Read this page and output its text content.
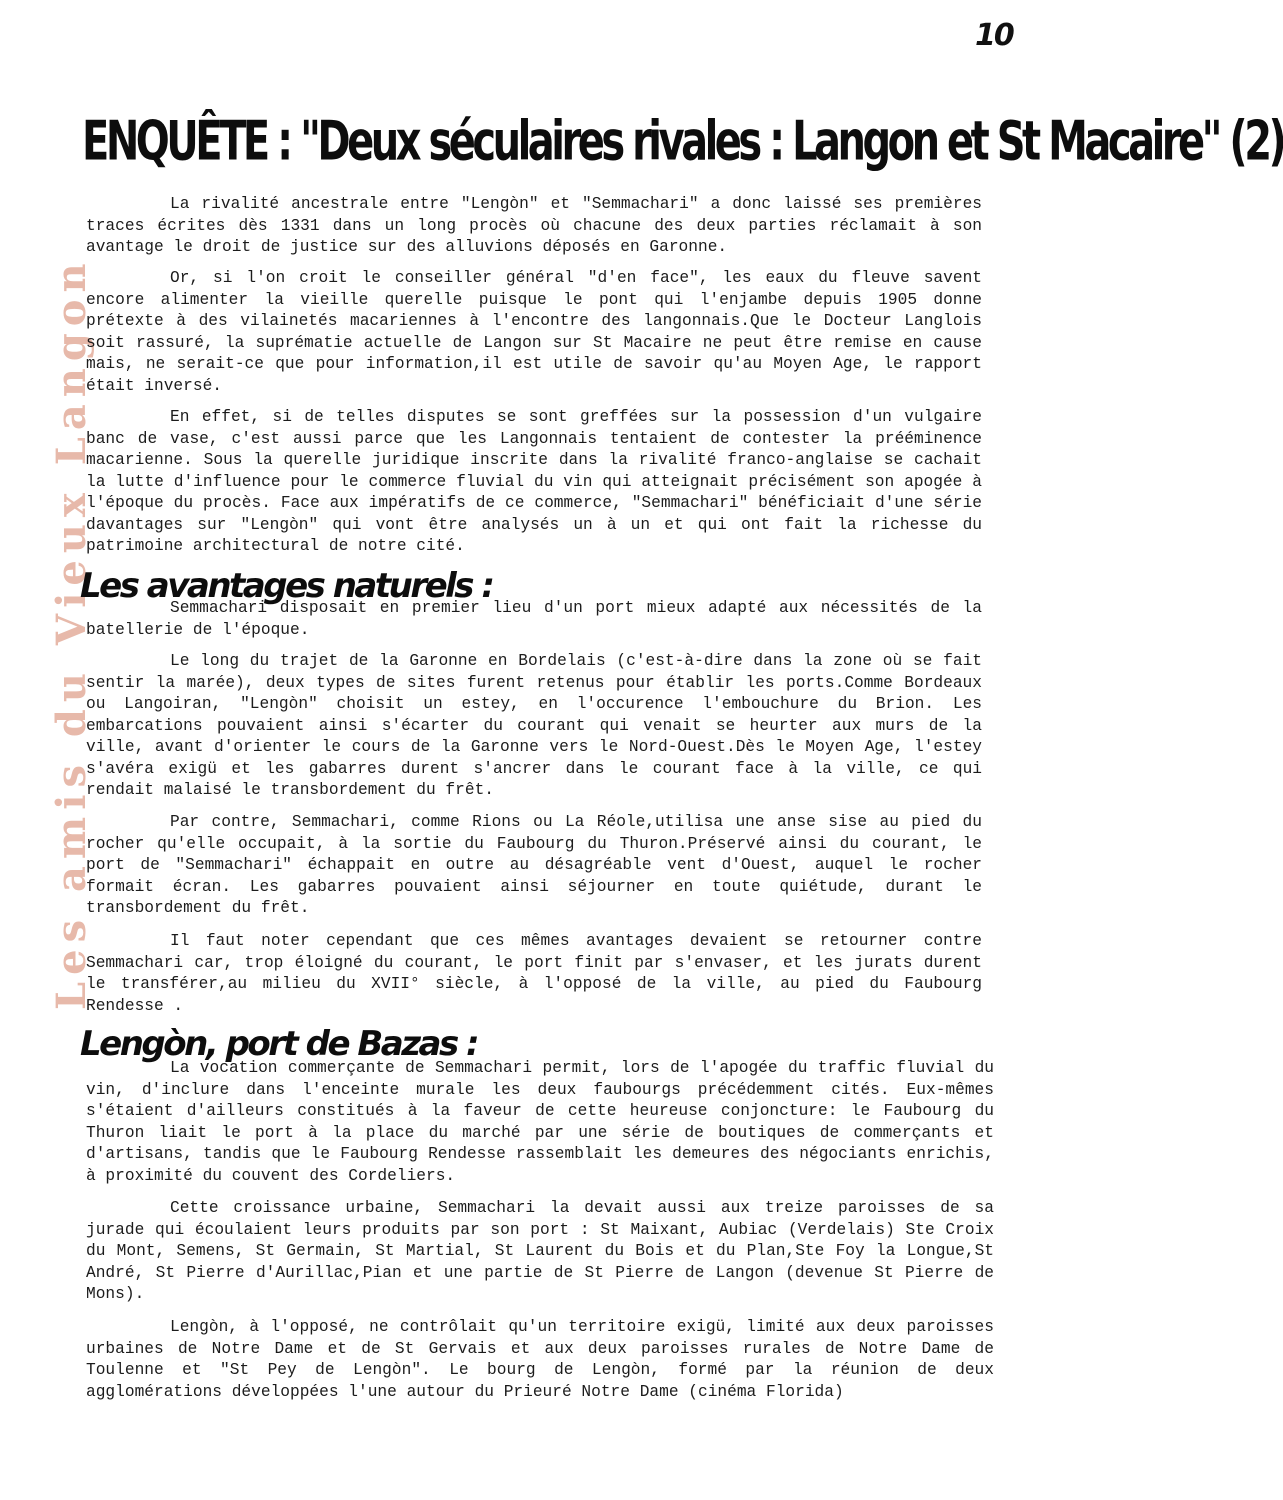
10
Les amis du Vieux Langon
ENQUÊTE : "Deux séculaires rivales : Langon et St Macaire" (2)

La rivalité ancestrale entre "Lengòn" et "Semmachari" a donc laissé ses premières traces écrites dès 1331 dans un long procès où chacune des deux parties réclamait à son avantage le droit de justice sur des alluvions déposés en Garonne.

Or, si l'on croit le conseiller général "d'en face", les eaux du fleuve savent encore alimenter la vieille querelle puisque le pont qui l'enjambe depuis 1905 donne prétexte à des vilainetés macariennes à l'encontre des langonnais.Que le Docteur Langlois soit rassuré, la suprématie actuelle de Langon sur St Macaire ne peut être remise en cause mais, ne serait-ce que pour information,il est utile de savoir qu'au Moyen Age, le rapport était inversé.

En effet, si de telles disputes se sont greffées sur la possession d'un vulgaire banc de vase, c'est aussi parce que les Langonnais tentaient de contester la prééminence macarienne. Sous la querelle juridique inscrite dans la rivalité franco-anglaise se cachait la lutte d'influence pour le commerce fluvial du vin qui atteignait précisément son apogée à l'époque du procès. Face aux impératifs de ce commerce, "Semmachari" bénéficiait d'une série davantages sur "Lengòn" qui vont être analysés un à un et qui ont fait la richesse du patrimoine architectural de notre cité.

Les avantages naturels :

Semmachari disposait en premier lieu d'un port mieux adapté aux nécessités de la batellerie de l'époque.

Le long du trajet de la Garonne en Bordelais (c'est-à-dire dans la zone où se fait sentir la marée), deux types de sites furent retenus pour établir les ports.Comme Bordeaux ou Langoiran, "Lengòn" choisit un estey, en l'occurence l'embouchure du Brion. Les embarcations pouvaient ainsi s'écarter du courant qui venait se heurter aux murs de la ville, avant d'orienter le cours de la Garonne vers le Nord-Ouest.Dès le Moyen Age, l'estey s'avéra exigü et les gabarres durent s'ancrer dans le courant face à la ville, ce qui rendait malaisé le transbordement du frêt.

Par contre, Semmachari, comme Rions ou La Réole,utilisa une anse sise au pied du rocher qu'elle occupait, à la sortie du Faubourg du Thuron.Préservé ainsi du courant, le port de "Semmachari" échappait en outre au désagréable vent d'Ouest, auquel le rocher formait écran. Les gabarres pouvaient ainsi séjourner en toute quiétude, durant le transbordement du frêt.

Il faut noter cependant que ces mêmes avantages devaient se retourner contre Semmachari car, trop éloigné du courant, le port finit par s'envaser, et les jurats durent le transférer,au milieu du XVII° siècle, à l'opposé de la ville, au pied du Faubourg Rendesse .

Lengòn, port de Bazas :

La vocation commerçante de Semmachari permit, lors de l'apogée du traffic fluvial du vin, d'inclure dans l'enceinte murale les deux faubourgs précédemment cités. Eux-mêmes s'étaient d'ailleurs constitués à la faveur de cette heureuse conjoncture: le Faubourg du Thuron liait le port à la place du marché par une série de boutiques de commerçants et d'artisans, tandis que le Faubourg Rendesse rassemblait les demeures des négociants enrichis, à proximité du couvent des Cordeliers.

Cette croissance urbaine, Semmachari la devait aussi aux treize paroisses de sa jurade qui écoulaient leurs produits par son port : St Maixant, Aubiac (Verdelais) Ste Croix du Mont, Semens, St Germain, St Martial, St Laurent du Bois et du Plan,Ste Foy la Longue,St André, St Pierre d'Aurillac,Pian et une partie de St Pierre de Langon (devenue St Pierre de Mons).

Lengòn, à l'opposé, ne contrôlait qu'un territoire exigü, limité aux deux paroisses urbaines de Notre Dame et de St Gervais et aux deux paroisses rurales de Notre Dame de Toulenne et "St Pey de Lengòn". Le bourg de Lengòn, formé par la réunion de deux agglomérations développées l'une autour du Prieuré Notre Dame (cinéma Florida)
